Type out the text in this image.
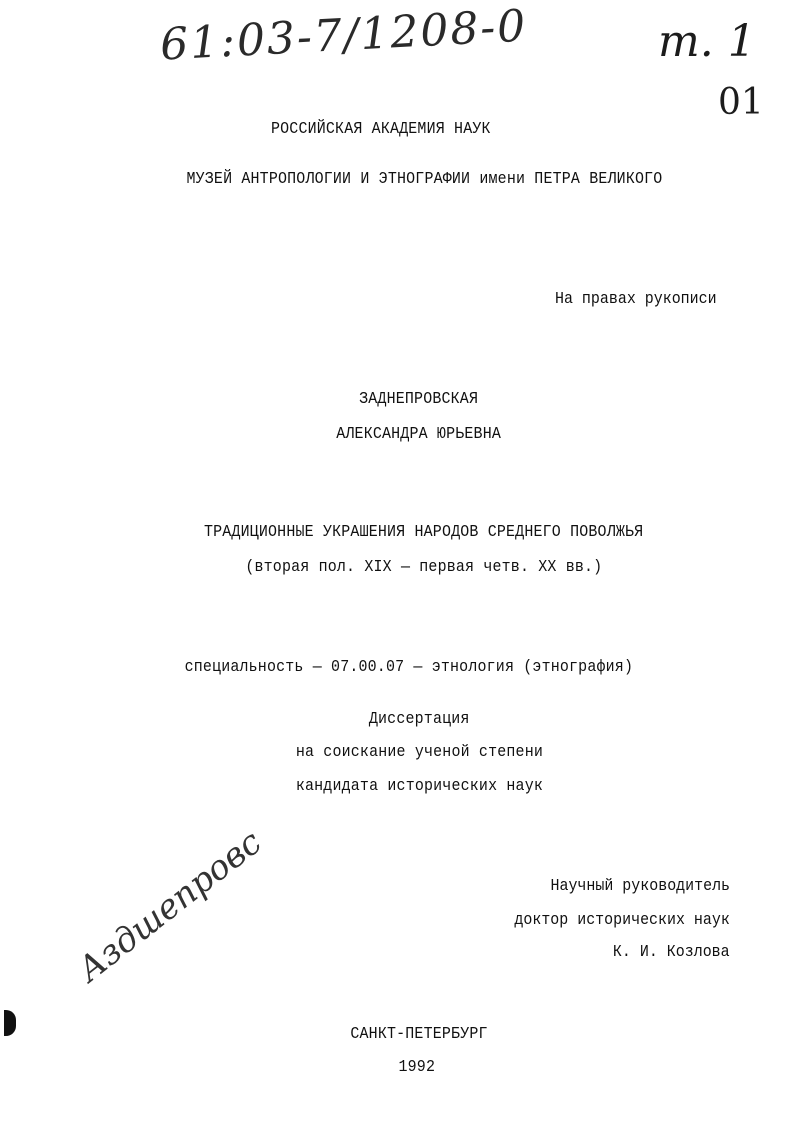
61:03-7/1208-0	т. 1
01
РОССИЙСКАЯ АКАДЕМИЯ НАУК
МУЗЕЙ АНТРОПОЛОГИИ И ЭТНОГРАФИИ имени ПЕТРА ВЕЛИКОГО
На правах рукописи
ЗАДНЕПРОВСКАЯ
АЛЕКСАНДРА ЮРЬЕВНА
ТРАДИЦИОННЫЕ УКРАШЕНИЯ НАРОДОВ СРЕДНЕГО ПОВОЛЖЬЯ
(вторая пол. XIX — первая четв. XX вв.)
специальность — 07.00.07 — этнология (этнография)
Диссертация
на соискание ученой степени
кандидата исторических наук
Научный руководитель
доктор исторических наук
К. И. Козлова
Аздшепровс
САНКТ-ПЕТЕРБУРГ
1992
